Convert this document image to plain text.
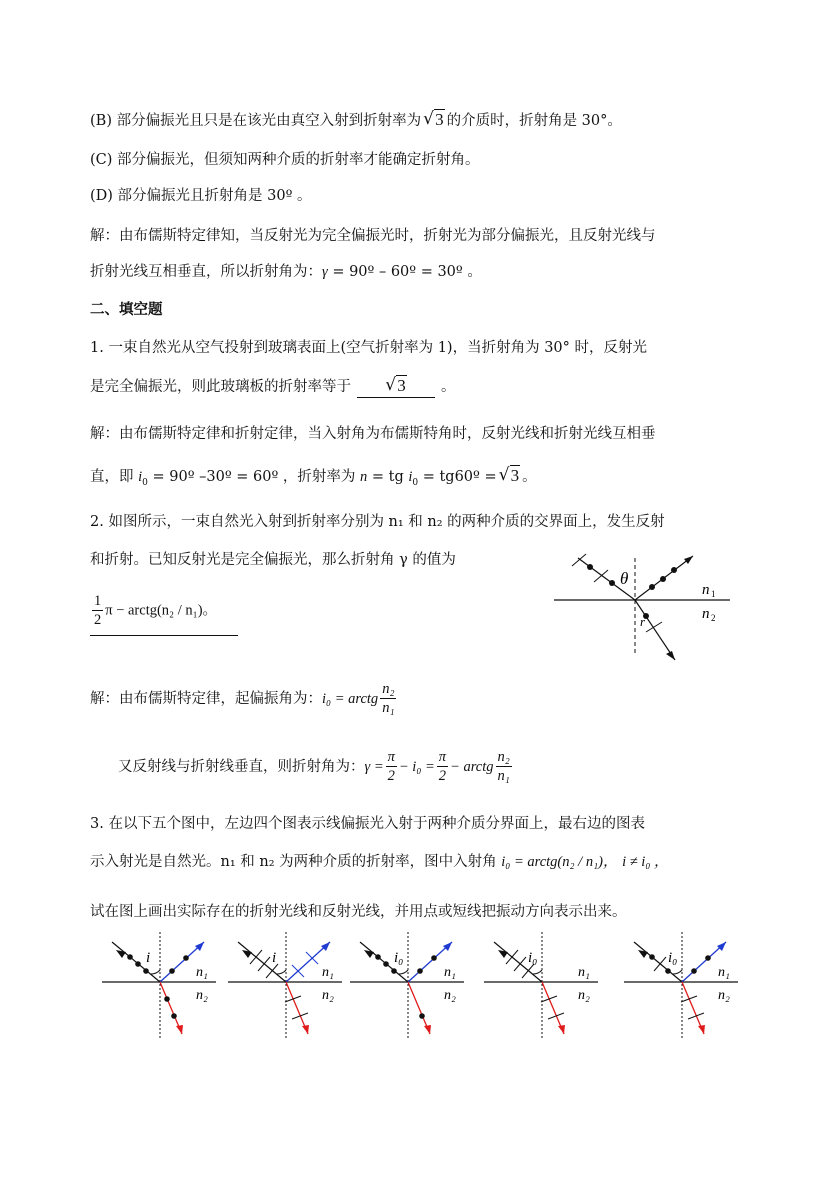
(B) 部分偏振光且只是在该光由真空入射到折射率为 √ 3 的介质时，折射角是 30°。
(C) 部分偏振光，但须知两种介质的折射率才能确定折射角。
(D) 部分偏振光且折射角是 30º 。
解：由布儒斯特定律知，当反射光为完全偏振光时，折射光为部分偏振光，且反射光线与
折射光线互相垂直，所以折射角为：γ = 90º – 60º = 30º 。
二、填空题
1. 一束自然光从空气投射到玻璃表面上(空气折射率为 1)，当折射角为 30° 时，反射光
是完全偏振光，则此玻璃板的折射率等于	√ 3 。
解：由布儒斯特定律和折射定律，当入射角为布儒斯特角时，反射光线和折射光线互相垂
直，即 $i_0$ = 90º –30º = 60º ，折射率为 n = tg $i_0$ = tg60º = √ 3 。
2. 如图所示，一束自然光入射到折射率分别为 n₁ 和 n₂ 的两种介质的交界面上，发生反射
和折射。已知反射光是完全偏振光，那么折射角 γ 的值为
$\frac{1}{2}$ π − arctg(n₂ / n₁)。
θ
n 1
n 2
r
解：由布儒斯特定律，起偏振角为： i₀ = arctg $\frac{\text{n₂}}{\text{n₁}}$
又反射线与折射线垂直，则折射角为： $\gamma = \frac{\pi}{2} - i_0 = \frac{\pi}{2}$ − arctg $\frac{\text{n₂}}{\text{n₁}}$
3. 在以下五个图中，左边四个图表示线偏振光入射于两种介质分界面上，最右边的图表
示入射光是自然光。n₁ 和 n₂ 为两种介质的折射率，图中入射角 i₀ = arctg(n₂ / n₁)， i ≠ i₀ ，
试在图上画出实际存在的折射光线和反射光线，并用点或短线把振动方向表示出来。
i
n₁
n₂
i
n₁
n₂
i₀
n₁
n₂
i₀
n₁
n₂
i₀
n₁
n₂
